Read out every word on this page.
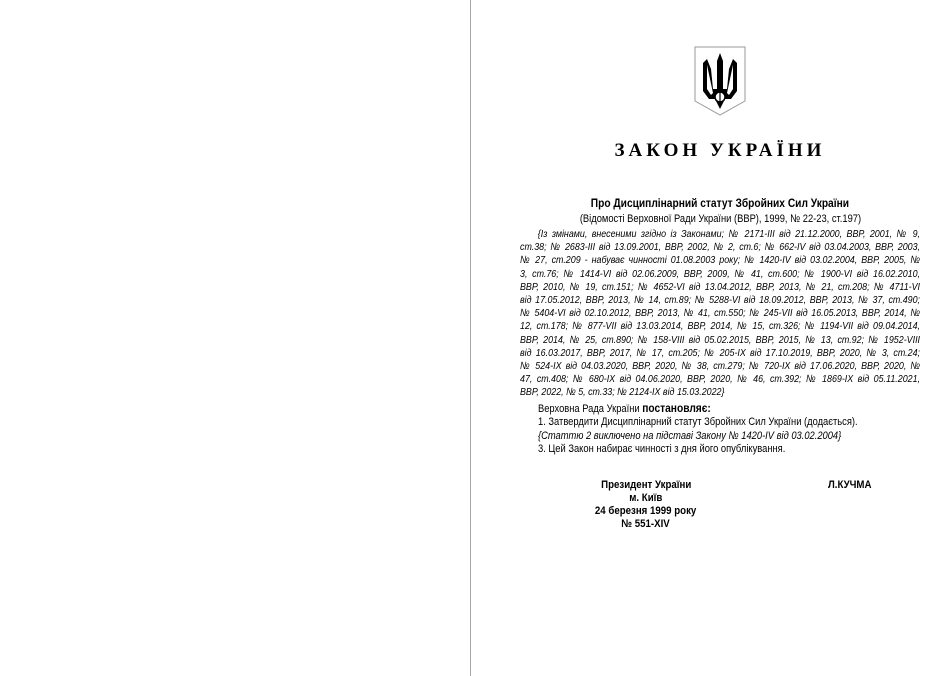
ЗАКОН УКРАЇНИ
Про Дисциплінарний статут Збройних Сил України
(Відомості Верховної Ради України (ВВР), 1999, № 22-23, ст.197)
{Із змінами, внесеними згідно із Законами; № 2171-III від 21.12.2000, ВВР, 2001, № 9,
ст.38; № 2683-III від 13.09.2001, ВВР, 2002, № 2, ст.6; № 662-IV від 03.04.2003, ВВР, 2003,
№ 27, ст.209 - набуває чинності 01.08.2003 року; № 1420-IV від 03.02.2004, ВВР, 2005, №
3, ст.76; № 1414-VI від 02.06.2009, ВВР, 2009, № 41, ст.600; № 1900-VI від 16.02.2010,
ВВР, 2010, № 19, ст.151; № 4652-VI від 13.04.2012, ВВР, 2013, № 21, ст.208; № 4711-VI
від 17.05.2012, ВВР, 2013, № 14, ст.89; № 5288-VI від 18.09.2012, ВВР, 2013, № 37, ст.490;
№ 5404-VI від 02.10.2012, ВВР, 2013, № 41, ст.550; № 245-VII від 16.05.2013, ВВР, 2014, №
12, ст.178; № 877-VII від 13.03.2014, ВВР, 2014, № 15, ст.326; № 1194-VII від 09.04.2014,
ВВР, 2014, № 25, ст.890; № 158-VIII від 05.02.2015, ВВР, 2015, № 13, ст.92; № 1952-VIII
від 16.03.2017, ВВР, 2017, № 17, ст.205; № 205-IX від 17.10.2019, ВВР, 2020, № 3, ст.24;
№ 524-IX від 04.03.2020, ВВР, 2020, № 38, ст.279; № 720-IX від 17.06.2020, ВВР, 2020, №
47, ст.408; № 680-IX від 04.06.2020, ВВР, 2020, № 46, ст.392; № 1869-IX від 05.11.2021,
ВВР, 2022, № 5, ст.33; № 2124-IX від 15.03.2022}
Верховна Рада України постановляє:
1. Затвердити Дисциплінарний статут Збройних Сил України (додається).
{Статтю 2 виключено на підставі Закону № 1420-IV від 03.02.2004}
3. Цей Закон набирає чинності з дня його опублікування.
Президент України
м. Київ
24 березня 1999 року
№ 551-XIV
Л.КУЧМА
